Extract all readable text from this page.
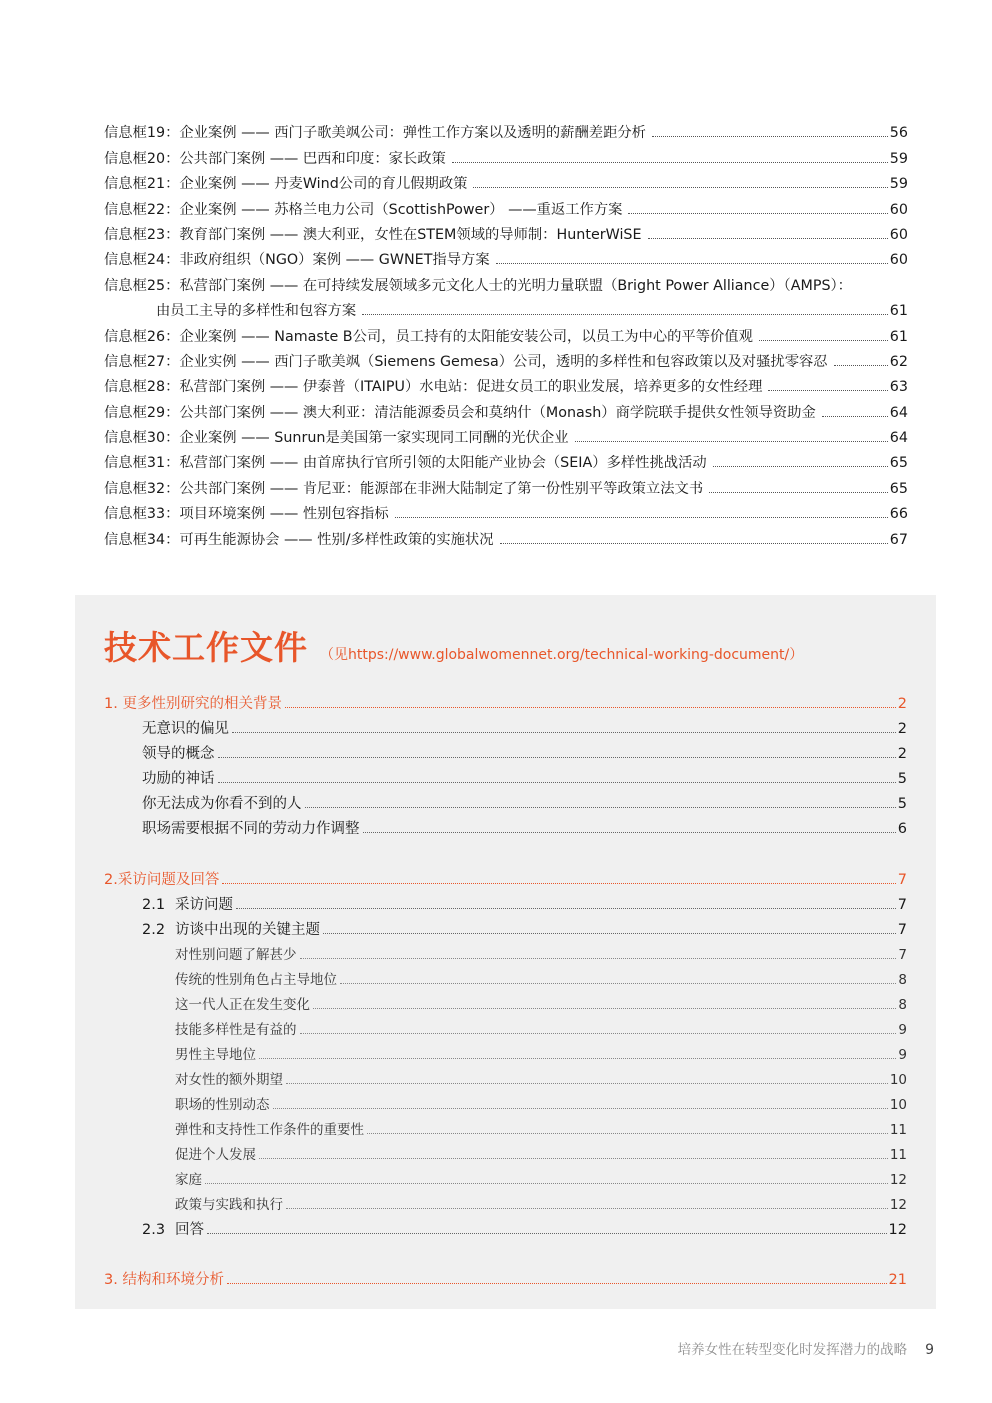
信息框19：企业案例 —— 西门子歌美飒公司：弹性工作方案以及透明的薪酬差距分析	56
信息框20：公共部门案例 —— 巴西和印度：家长政策	59
信息框21：企业案例 —— 丹麦Wind公司的育儿假期政策	59
信息框22：企业案例 —— 苏格兰电力公司（ScottishPower） ——重返工作方案	60
信息框23：教育部门案例 —— 澳大利亚，女性在STEM领域的导师制：HunterWiSE	60
信息框24：非政府组织（NGO）案例 —— GWNET指导方案	60
信息框25：私营部门案例 —— 在可持续发展领域多元文化人士的光明力量联盟（Bright Power Alliance）（AMPS）：
由员工主导的多样性和包容方案	61
信息框26：企业案例 —— Namaste B公司，员工持有的太阳能安装公司，以员工为中心的平等价值观	61
信息框27：企业实例 —— 西门子歌美飒（Siemens Gemesa）公司，透明的多样性和包容政策以及对骚扰零容忍	62
信息框28：私营部门案例 —— 伊泰普（ITAIPU）水电站：促进女员工的职业发展，培养更多的女性经理	63
信息框29：公共部门案例 —— 澳大利亚：清洁能源委员会和莫纳什（Monash）商学院联手提供女性领导资助金	64
信息框30：企业案例 —— Sunrun是美国第一家实现同工同酬的光伏企业	64
信息框31：私营部门案例 —— 由首席执行官所引领的太阳能产业协会（SEIA）多样性挑战活动	65
信息框32：公共部门案例 —— 肯尼亚：能源部在非洲大陆制定了第一份性别平等政策立法文书	65
信息框33：项目环境案例 —— 性别包容指标	66
信息框34：可再生能源协会 —— 性别/多样性政策的实施状况	67
技术工作文件 （见https://www.globalwomennet.org/technical-working-document/）
1. 更多性别研究的相关背景	2
无意识的偏见	2
领导的概念	2
功励的神话	5
你无法成为你看不到的人	5
职场需要根据不同的劳动力作调整	6
2.采访问题及回答	7
2.1 采访问题	7
2.2 访谈中出现的关键主题	7
对性别问题了解甚少	7
传统的性别角色占主导地位	8
这一代人正在发生变化	8
技能多样性是有益的	9
男性主导地位	9
对女性的额外期望	10
职场的性别动态	10
弹性和支持性工作条件的重要性	11
促进个人发展	11
家庭	12
政策与实践和执行	12
2.3 回答	12
3. 结构和环境分析	21
培养女性在转型变化时发挥潜力的战略 9
